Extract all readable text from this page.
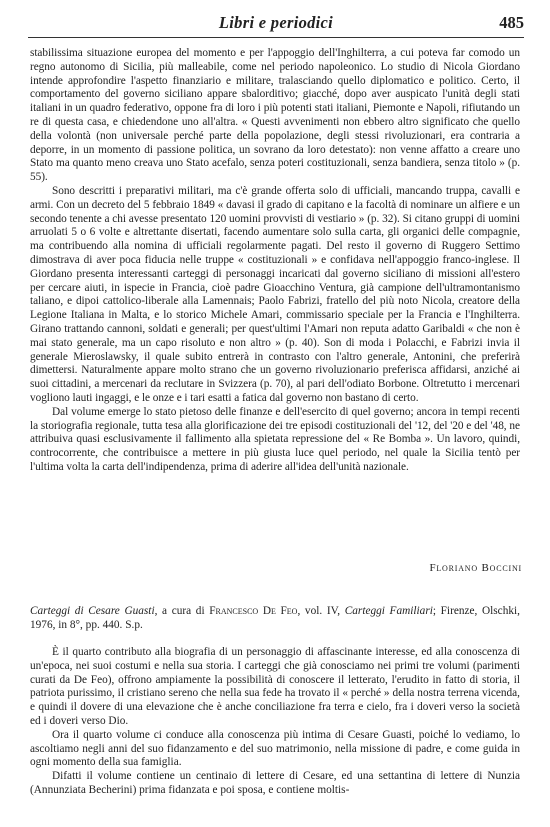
Libri e periodici	485

stabilissima situazione europea del momento e per l'appoggio dell'Inghilterra, a cui poteva far comodo un regno autonomo di Sicilia, più malleabile, come nel periodo napoleonico. Lo studio di Nicola Giordano intende approfondire l'aspetto finanziario e militare, tralasciando quello diplomatico e politico. Certo, il comportamento del governo siciliano appare sbalorditivo; giacché, dopo aver auspicato l'unità degli stati italiani in un quadro federativo, oppone fra di loro i più potenti stati italiani, Piemonte e Napoli, rifiutando un re di questa casa, e chiedendone uno all'altra. « Questi avvenimenti non ebbero altro significato che quello della volontà (non universale perché parte della popolazione, degli stessi rivoluzionari, era contraria a deporre, in un momento di passione politica, un sovrano da loro detestato): non venne affatto a creare uno Stato ma quanto meno creava uno Stato acefalo, senza poteri costituzionali, senza bandiera, senza titolo » (p. 55).

Sono descritti i preparativi militari, ma c'è grande offerta solo di ufficiali, mancando truppa, cavalli e armi. Con un decreto del 5 febbraio 1849 « davasi il grado di capitano e la facoltà di nominare un alfiere e un secondo tenente a chi avesse presentato 120 uomini provvisti di vestiario » (p. 32). Si citano gruppi di uomini arruolati 5 o 6 volte e altrettante disertati, facendo aumentare solo sulla carta, gli organici delle compagnie, ma contribuendo alla nomina di ufficiali regolarmente pagati. Del resto il governo di Ruggero Settimo dimostrava di aver poca fiducia nelle truppe « costituzionali » e confidava nell'appoggio franco-inglese. Il Giordano presenta interessanti carteggi di personaggi incaricati dal governo siciliano di missioni all'estero per cercare aiuti, in ispecie in Francia, cioè padre Gioacchino Ventura, già campione dell'ultramontanismo taliano, e dipoi cattolico-liberale alla Lamennais; Paolo Fabrizi, fratello del più noto Nicola, creatore della Legione Italiana in Malta, e lo storico Michele Amari, commissario speciale per la Francia e l'Inghilterra. Girano trattando cannoni, soldati e generali; per quest'ultimi l'Amari non reputa adatto Garibaldi « che non è mai stato generale, ma un capo risoluto e non altro » (p. 40). Son di moda i Polacchi, e Fabrizi invia il generale Mieroslawsky, il quale subito entrerà in contrasto con l'altro generale, Antonini, che preferirà dimettersi. Naturalmente appare molto strano che un governo rivoluzionario preferisca affidarsi, anziché ai suoi cittadini, a mercenari da reclutare in Svizzera (p. 70), al pari dell'odiato Borbone. Oltretutto i mercenari vogliono lauti ingaggi, e le onze e i tari esatti a fatica dal governo non bastano di certo.

Dal volume emerge lo stato pietoso delle finanze e dell'esercito di quel governo; ancora in tempi recenti la storiografia regionale, tutta tesa alla glorificazione dei tre episodi costituzionali del '12, del '20 e del '48, ne attribuiva quasi esclusivamente il fallimento alla spietata repressione del « Re Bomba ». Un lavoro, quindi, controcorrente, che contribuisce a mettere in più giusta luce quel periodo, nel quale la Sicilia tentò per l'ultima volta la carta dell'indipendenza, prima di aderire all'idea dell'unità nazionale.

Floriano Boccini
Carteggi di Cesare Guasti, a cura di Francesco De Feo, vol. IV, Carteggi Familiari; Firenze, Olschki, 1976, in 8°, pp. 440. S.p.

È il quarto contributo alla biografia di un personaggio di affascinante interesse, ed alla conoscenza di un'epoca, nei suoi costumi e nella sua storia. I carteggi che già conosciamo nei primi tre volumi (parimenti curati da De Feo), offrono ampiamente la possibilità di conoscere il letterato, l'erudito in fatto di storia, il patriota purissimo, il cristiano sereno che nella sua fede ha trovato il « perché » della nostra terrena vicenda, e quindi il dovere di una elevazione che è anche conciliazione fra terra e cielo, fra i doveri verso la società ed i doveri verso Dio.

Ora il quarto volume ci conduce alla conoscenza più intima di Cesare Guasti, poiché lo vediamo, lo ascoltiamo negli anni del suo fidanzamento e del suo matrimonio, nella missione di padre, e come guida in ogni momento della sua famiglia.

Difatti il volume contiene un centinaio di lettere di Cesare, ed una settantina di lettere di Nunzia (Annunziata Becherini) prima fidanzata e poi sposa, e contiene moltis-
